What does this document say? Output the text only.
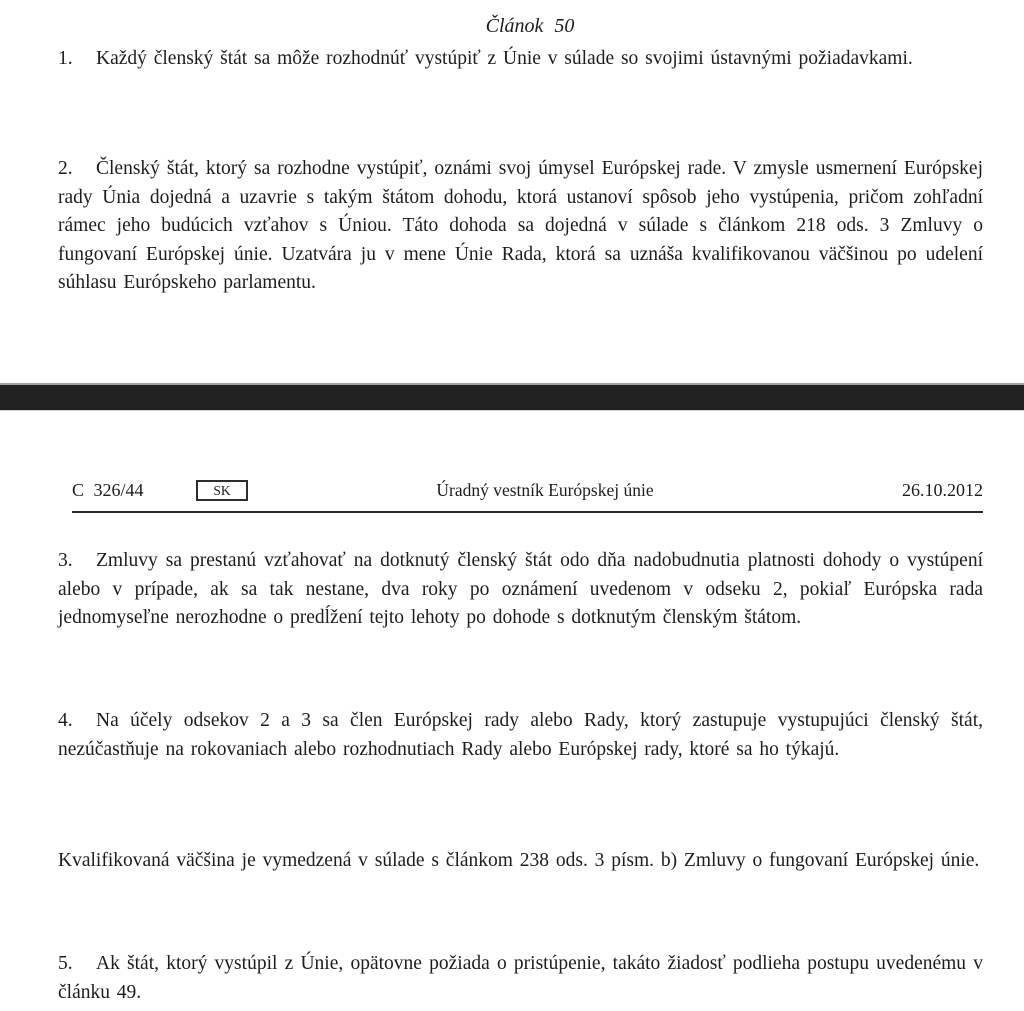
Článok 50

1. Každý členský štát sa môže rozhodnúť vystúpiť z Únie v súlade so svojimi ústavnými požiadavkami.

2. Členský štát, ktorý sa rozhodne vystúpiť, oznámi svoj úmysel Európskej rade. V zmysle usmernení Európskej rady Únia dojedná a uzavrie s takým štátom dohodu, ktorá ustanoví spôsob jeho vystúpenia, pričom zohľadní rámec jeho budúcich vzťahov s Úniou. Táto dohoda sa dojedná v súlade s článkom 218 ods. 3 Zmluvy o fungovaní Európskej únie. Uzatvára ju v mene Únie Rada, ktorá sa uznáša kvalifikovanou väčšinou po udelení súhlasu Európskeho parlamentu.

C 326/44	SK	Úradný vestník Európskej únie	26.10.2012

3. Zmluvy sa prestanú vzťahovať na dotknutý členský štát odo dňa nadobudnutia platnosti dohody o vystúpení alebo v prípade, ak sa tak nestane, dva roky po oznámení uvedenom v odseku 2, pokiaľ Európska rada jednomyseľne nerozhodne o predĺžení tejto lehoty po dohode s dotknutým členským štátom.

4. Na účely odsekov 2 a 3 sa člen Európskej rady alebo Rady, ktorý zastupuje vystupujúci členský štát, nezúčastňuje na rokovaniach alebo rozhodnutiach Rady alebo Európskej rady, ktoré sa ho týkajú.

Kvalifikovaná väčšina je vymedzená v súlade s článkom 238 ods. 3 písm. b) Zmluvy o fungovaní Európskej únie.

5. Ak štát, ktorý vystúpil z Únie, opätovne požiada o pristúpenie, takáto žiadosť podlieha postupu uvedenému v článku 49.
